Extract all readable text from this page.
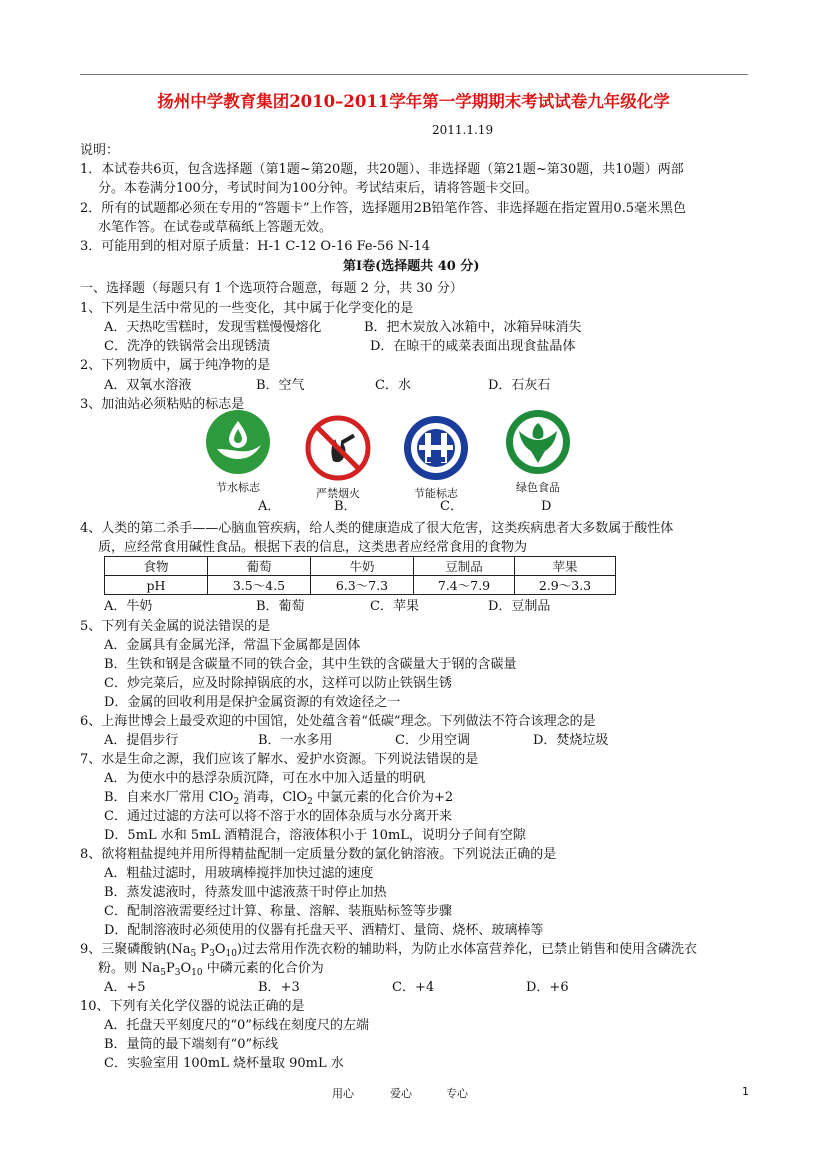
扬州中学教育集团2010–2011学年第一学期期末考试试卷九年级化学
2011.1.19
说明：
1．本试卷共6页，包含选择题（第1题~第20题，共20题）、非选择题（第21题~第30题，共10题）两部
分。本卷满分100分，考试时间为100分钟。考试结束后，请将答题卡交回。
2．所有的试题都必须在专用的“答题卡”上作答，选择题用2B铅笔作答、非选择题在指定置用0.5毫米黑色
水笔作答。在试卷或草稿纸上答题无效。
3．可能用到的相对原子质量：H-1 C-12 O-16 Fe-56 N-14
第Ⅰ卷(选择题共 40 分)
一、选择题（每题只有 1 个选项符合题意，每题 2 分，共 30 分）
1、下列是生活中常见的一些变化，其中属于化学变化的是
A．天热吃雪糕时，发现雪糕慢慢熔化	B．把木炭放入冰箱中，冰箱异味消失
C．洗净的铁锅常会出现锈渍	D．在晾干的咸菜表面出现食盐晶体
2、下列物质中，属于纯净物的是
A．双氧水溶液	B．空气	C．水	D．石灰石
3、加油站必须粘贴的标志是
节水标志	严禁烟火	节能标志	绿色食品
A．	B．	C．	D
4、人类的第二杀手——心脑血管疾病，给人类的健康造成了很大危害，这类疾病患者大多数属于酸性体
质，应经常食用碱性食品。根据下表的信息，这类患者应经常食用的食物为
食物	葡萄	牛奶	豆制品	苹果
pH	3.5～4.5	6.3～7.3	7.4～7.9	2.9～3.3
A．牛奶	B．葡萄	C．苹果	D．豆制品
5、下列有关金属的说法错误的是
A．金属具有金属光泽，常温下金属都是固体
B．生铁和钢是含碳量不同的铁合金，其中生铁的含碳量大于钢的含碳量
C．炒完菜后，应及时除掉锅底的水，这样可以防止铁锅生锈
D．金属的回收利用是保护金属资源的有效途径之一
6、上海世博会上最受欢迎的中国馆，处处蕴含着“低碳”理念。下列做法不符合该理念的是
A．提倡步行	B．一水多用	C．少用空调	D．焚烧垃圾
7、水是生命之源，我们应该了解水、爱护水资源。下列说法错误的是
A．为使水中的悬浮杂质沉降，可在水中加入适量的明矾
B．自来水厂常用 ClO$_2$ 消毒，ClO$_2$ 中氯元素的化合价为+2
C．通过过滤的方法可以将不溶于水的固体杂质与水分离开来
D．5mL 水和 5mL 酒精混合，溶液体积小于 10mL，说明分子间有空隙
8、欲将粗盐提纯并用所得精盐配制一定质量分数的氯化钠溶液。下列说法正确的是
A．粗盐过滤时，用玻璃棒搅拌加快过滤的速度
B．蒸发滤液时，待蒸发皿中滤液蒸干时停止加热
C．配制溶液需要经过计算、称量、溶解、装瓶贴标签等步骤
D．配制溶液时必须使用的仪器有托盘天平、酒精灯、量筒、烧杯、玻璃棒等
9、三聚磷酸钠($Na_5$ $P_3O_{10}$)过去常用作洗衣粉的辅助料，为防止水体富营养化，已禁止销售和使用含磷洗衣
粉。则 $Na_5P_3O_{10}$ 中磷元素的化合价为
A．+5	B．+3	C．+4	D．+6
10、下列有关化学仪器的说法正确的是
A．托盘天平刻度尺的“0”标线在刻度尺的左端
B．量筒的最下端刻有“0”标线
C．实验室用 100mL 烧杯量取 90mL 水
用心	爱心	专心	1
